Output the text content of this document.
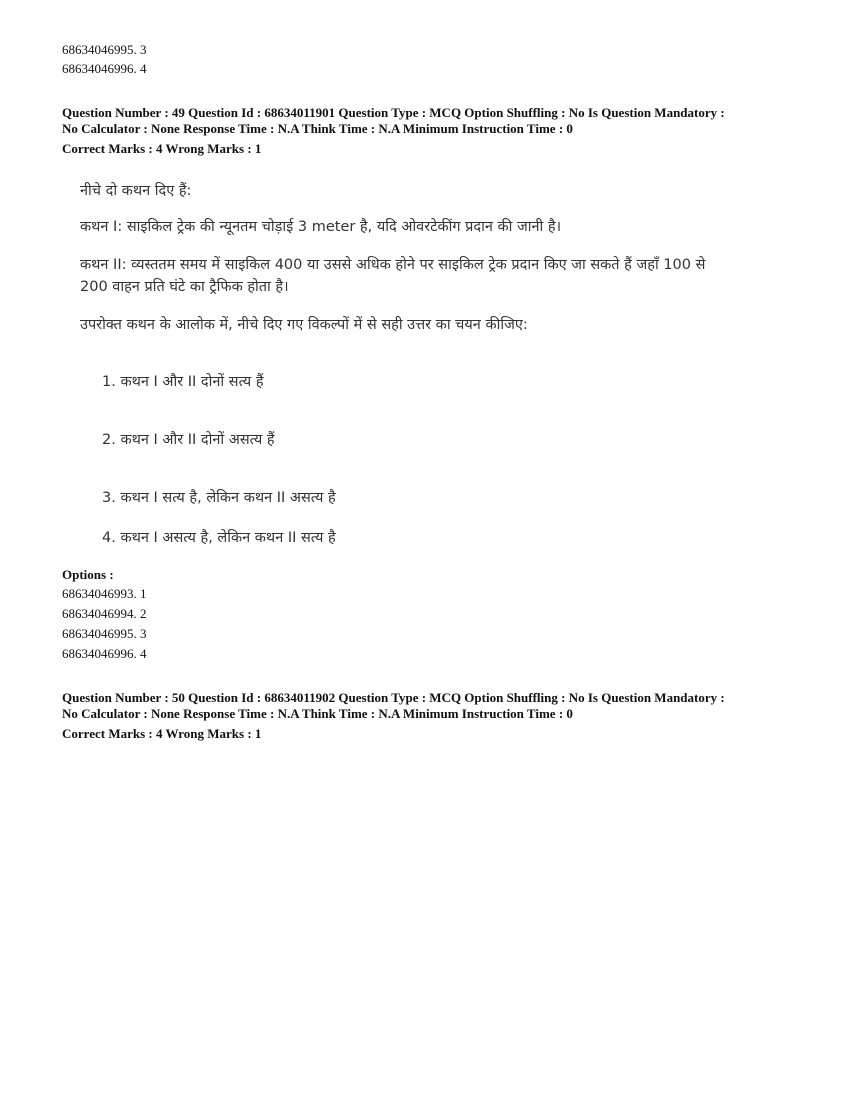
68634046995. 3
68634046996. 4
Question Number : 49 Question Id : 68634011901 Question Type : MCQ Option Shuffling : No Is Question Mandatory :
No Calculator : None Response Time : N.A Think Time : N.A Minimum Instruction Time : 0
Correct Marks : 4 Wrong Marks : 1
नीचे दो कथन दिए हैं:
कथन I: साइकिल ट्रेक की न्यूनतम चोड़ाई 3 meter है, यदि ओवरटेकींग प्रदान की जानी है।
कथन II: व्यस्ततम समय में साइकिल 400 या उससे अधिक होने पर साइकिल ट्रेक प्रदान किए जा सकते हैं जहाँ 100 से
200 वाहन प्रति घंटे का ट्रैफिक होता है।
उपरोक्त कथन के आलोक में, नीचे दिए गए विकल्पों में से सही उत्तर का चयन कीजिए:
1. कथन I और II दोनों सत्य हैं
2. कथन I और II दोनों असत्य हैं
3. कथन I सत्य है, लेकिन कथन II असत्य है
4. कथन I असत्य है, लेकिन कथन II सत्य है
Options :
68634046993. 1
68634046994. 2
68634046995. 3
68634046996. 4
Question Number : 50 Question Id : 68634011902 Question Type : MCQ Option Shuffling : No Is Question Mandatory :
No Calculator : None Response Time : N.A Think Time : N.A Minimum Instruction Time : 0
Correct Marks : 4 Wrong Marks : 1
